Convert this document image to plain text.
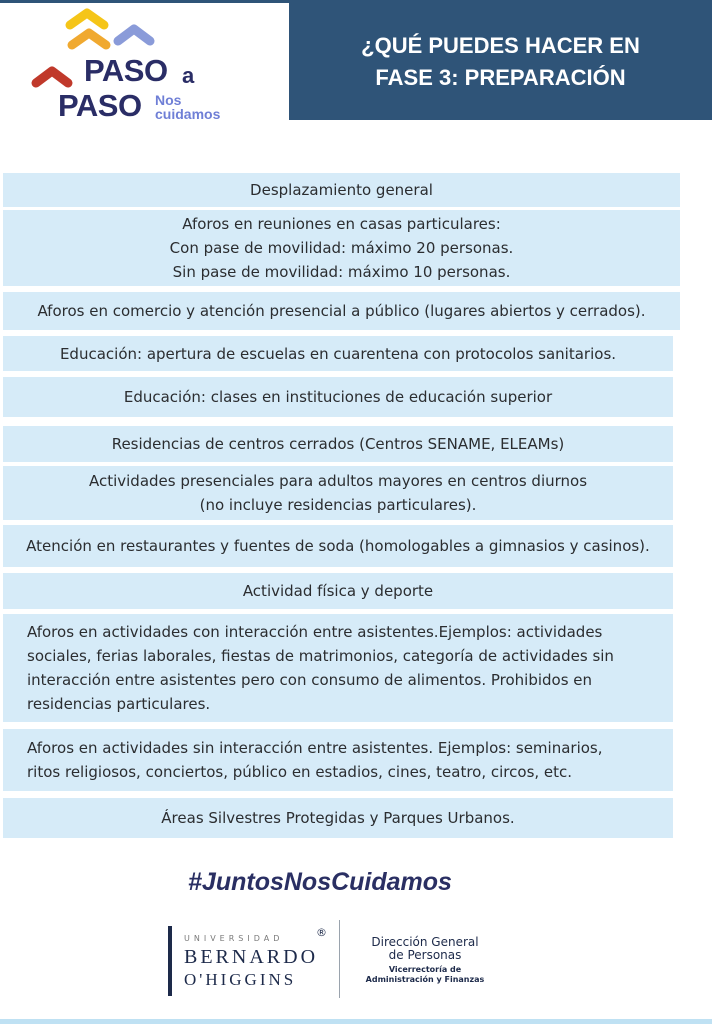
PASO a
PASO Nos
cuidamos
¿QUÉ PUEDES HACER EN
FASE 3: PREPARACIÓN
Desplazamiento general
Aforos en reuniones en casas particulares:
Con pase de movilidad: máximo 20 personas.
Sin pase de movilidad: máximo 10 personas.
Aforos en comercio y atención presencial a público (lugares abiertos y cerrados).
Educación: apertura de escuelas en cuarentena con protocolos sanitarios.
Educación: clases en instituciones de educación superior
Residencias de centros cerrados (Centros SENAME, ELEAMs)
Actividades presenciales para adultos mayores en centros diurnos
(no incluye residencias particulares).
Atención en restaurantes y fuentes de soda (homologables a gimnasios y casinos).
Actividad física y deporte
Aforos en actividades con interacción entre asistentes.Ejemplos: actividades
sociales, ferias laborales, fiestas de matrimonios, categoría de actividades sin
interacción entre asistentes pero con consumo de alimentos. Prohibidos en
residencias particulares.
Aforos en actividades sin interacción entre asistentes. Ejemplos: seminarios,
ritos religiosos, conciertos, público en estadios, cines, teatro, circos, etc.
Áreas Silvestres Protegidas y Parques Urbanos.
#JuntosNosCuidamos
UNIVERSIDAD
BERNARDO
O'HIGGINS
®
Dirección General
de Personas
Vicerrectoría de
Administración y Finanzas
